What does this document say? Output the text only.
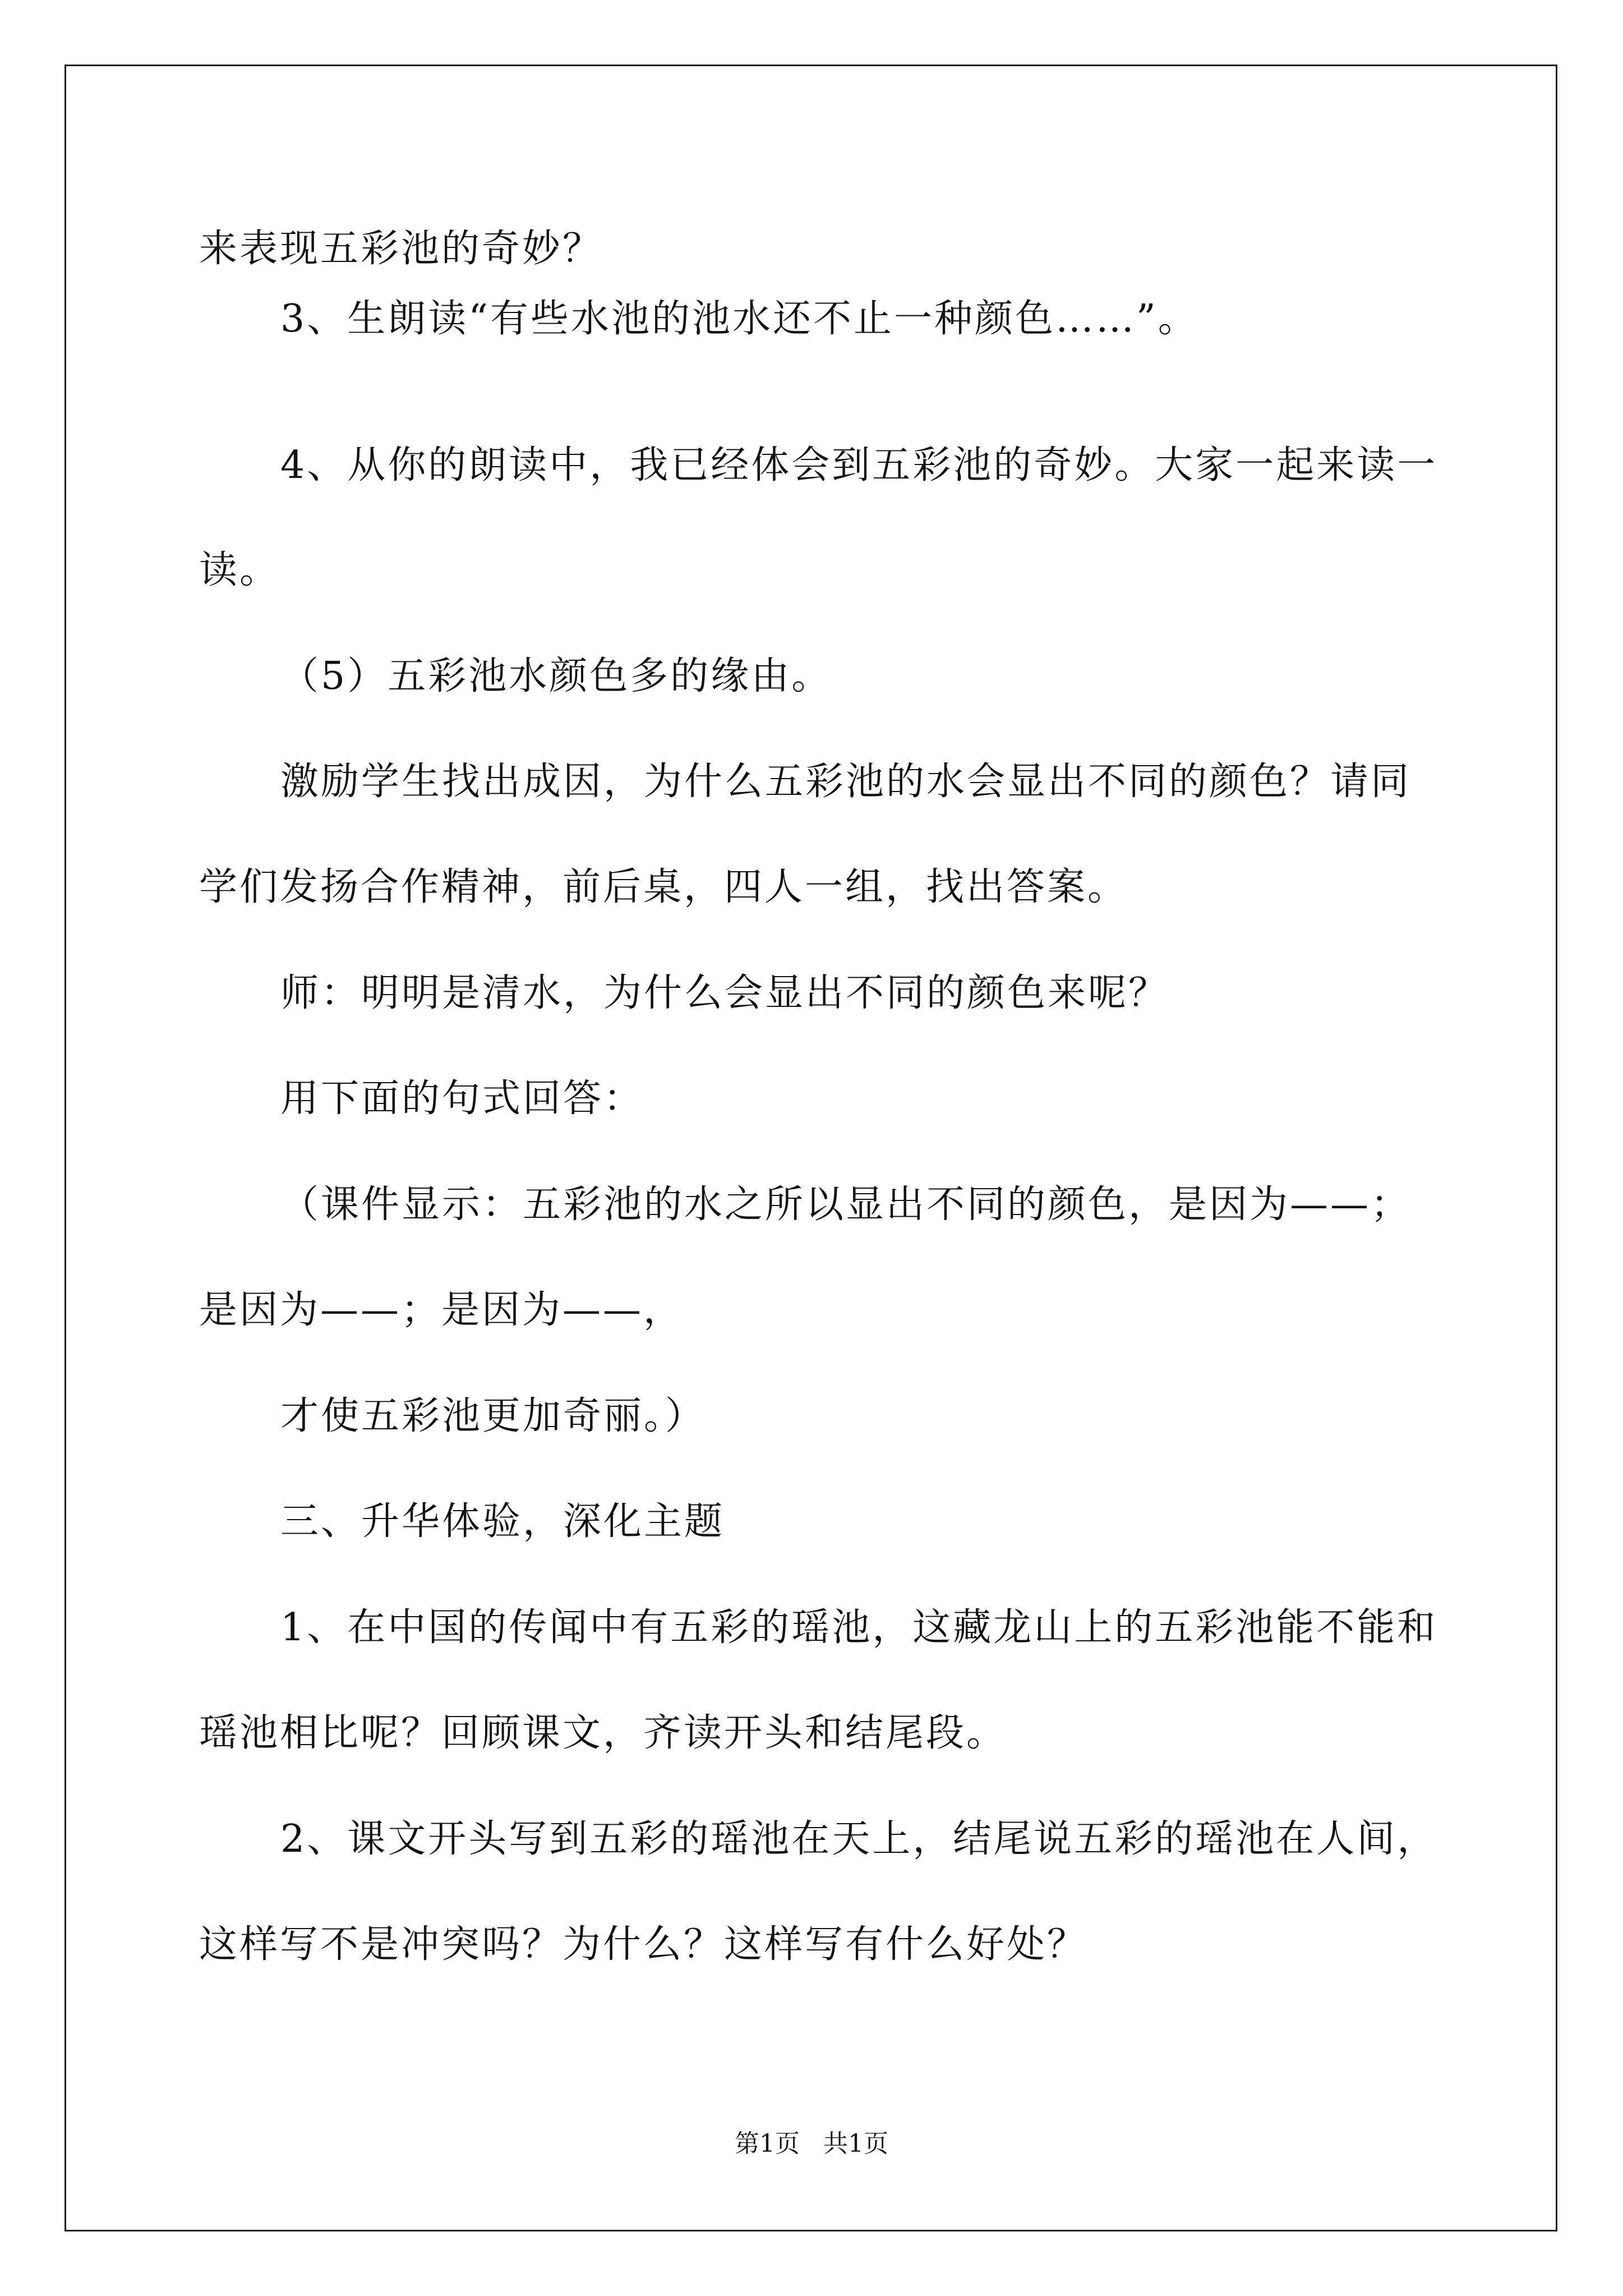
来表现五彩池的奇妙？
3、生朗读“有些水池的池水还不止一种颜色……”。
4、从你的朗读中，我已经体会到五彩池的奇妙。大家一起来读一
读。
（5）五彩池水颜色多的缘由。
激励学生找出成因，为什么五彩池的水会显出不同的颜色？请同
学们发扬合作精神，前后桌，四人一组，找出答案。
师：明明是清水，为什么会显出不同的颜色来呢？
用下面的句式回答：
（课件显示：五彩池的水之所以显出不同的颜色，是因为——；
是因为——；是因为——，
才使五彩池更加奇丽。）
三、升华体验，深化主题
1、在中国的传闻中有五彩的瑶池，这藏龙山上的五彩池能不能和
瑶池相比呢？回顾课文，齐读开头和结尾段。
2、课文开头写到五彩的瑶池在天上，结尾说五彩的瑶池在人间，
这样写不是冲突吗？为什么？这样写有什么好处？
第1页   共1页
